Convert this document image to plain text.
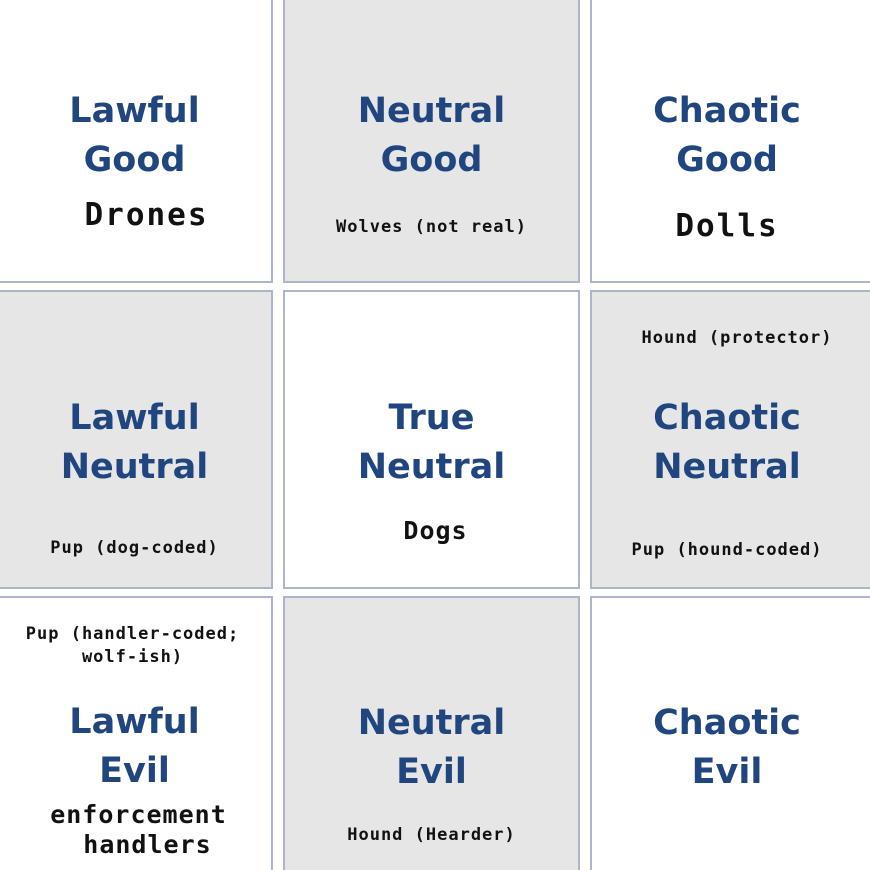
Lawful
Good
Drones
Neutral
Good
Wolves (not real)
Chaotic
Good
Dolls
Lawful
Neutral
Pup (dog-coded)
True
Neutral
Dogs
Hound (protector)
Chaotic
Neutral
Pup (hound-coded)
Pup (handler-coded;
wolf-ish)
Lawful
Evil
enforcement
handlers
Neutral
Evil
Hound (Hearder)
Chaotic
Evil
